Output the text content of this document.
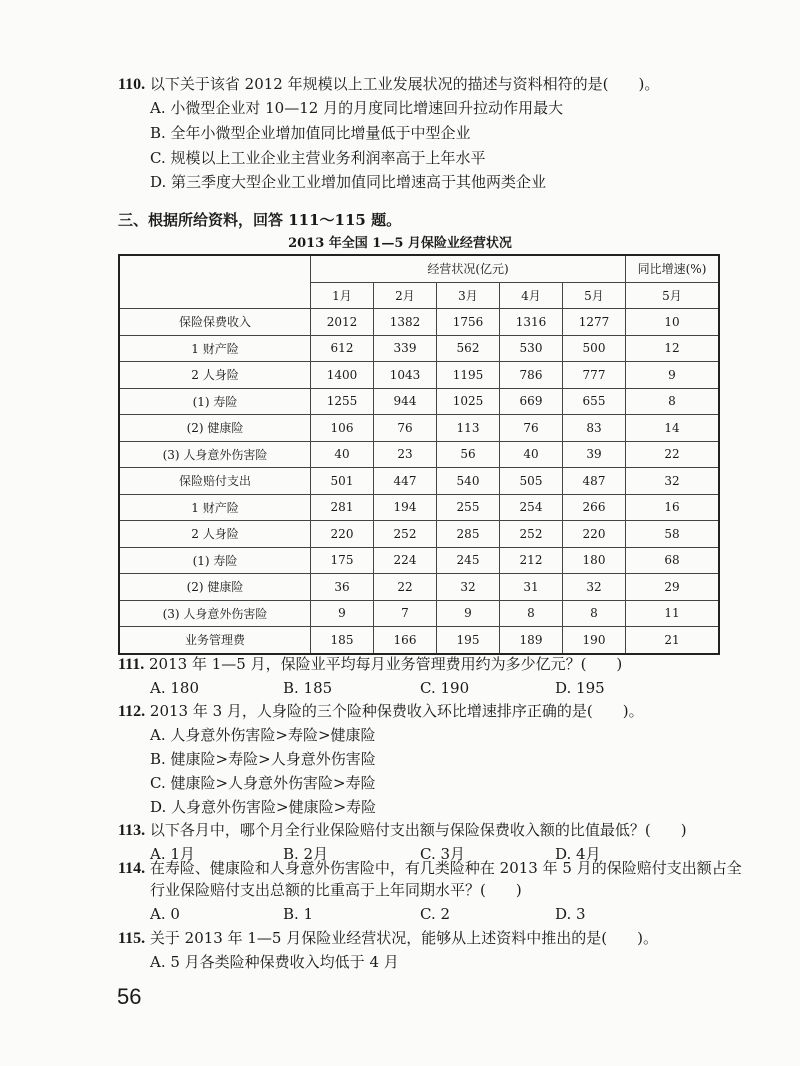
110. 以下关于该省 2012 年规模以上工业发展状况的描述与资料相符的是(　　)。
A. 小微型企业对 10—12 月的月度同比增速回升拉动作用最大
B. 全年小微型企业增加值同比增量低于中型企业
C. 规模以上工业企业主营业务利润率高于上年水平
D. 第三季度大型企业工业增加值同比增速高于其他两类企业
三、根据所给资料，回答 111～115 题。
2013 年全国 1—5 月保险业经营状况
	经营状况(亿元)					同比增速(%)
	1月	2月	3月	4月	5月	5月
保险保费收入	2012	1382	1756	1316	1277	10
1 财产险	612	339	562	530	500	12
2 人身险	1400	1043	1195	786	777	9
(1) 寿险	1255	944	1025	669	655	8
(2) 健康险	106	76	113	76	83	14
(3) 人身意外伤害险	40	23	56	40	39	22
保险赔付支出	501	447	540	505	487	32
1 财产险	281	194	255	254	266	16
2 人身险	220	252	285	252	220	58
(1) 寿险	175	224	245	212	180	68
(2) 健康险	36	22	32	31	32	29
(3) 人身意外伤害险	9	7	9	8	8	11
业务管理费	185	166	195	189	190	21
111. 2013 年 1—5 月，保险业平均每月业务管理费用约为多少亿元？(　　)
A. 180	B. 185	C. 190	D. 195
112. 2013 年 3 月，人身险的三个险种保费收入环比增速排序正确的是(　　)。
A. 人身意外伤害险>寿险>健康险
B. 健康险>寿险>人身意外伤害险
C. 健康险>人身意外伤害险>寿险
D. 人身意外伤害险>健康险>寿险
113. 以下各月中，哪个月全行业保险赔付支出额与保险保费收入额的比值最低？(　　)
A. 1月	B. 2月	C. 3月	D. 4月
114. 在寿险、健康险和人身意外伤害险中，有几类险种在 2013 年 5 月的保险赔付支出额占全
行业保险赔付支出总额的比重高于上年同期水平？(　　)
A. 0	B. 1	C. 2	D. 3
115. 关于 2013 年 1—5 月保险业经营状况，能够从上述资料中推出的是(　　)。
A. 5 月各类险种保费收入均低于 4 月
56
